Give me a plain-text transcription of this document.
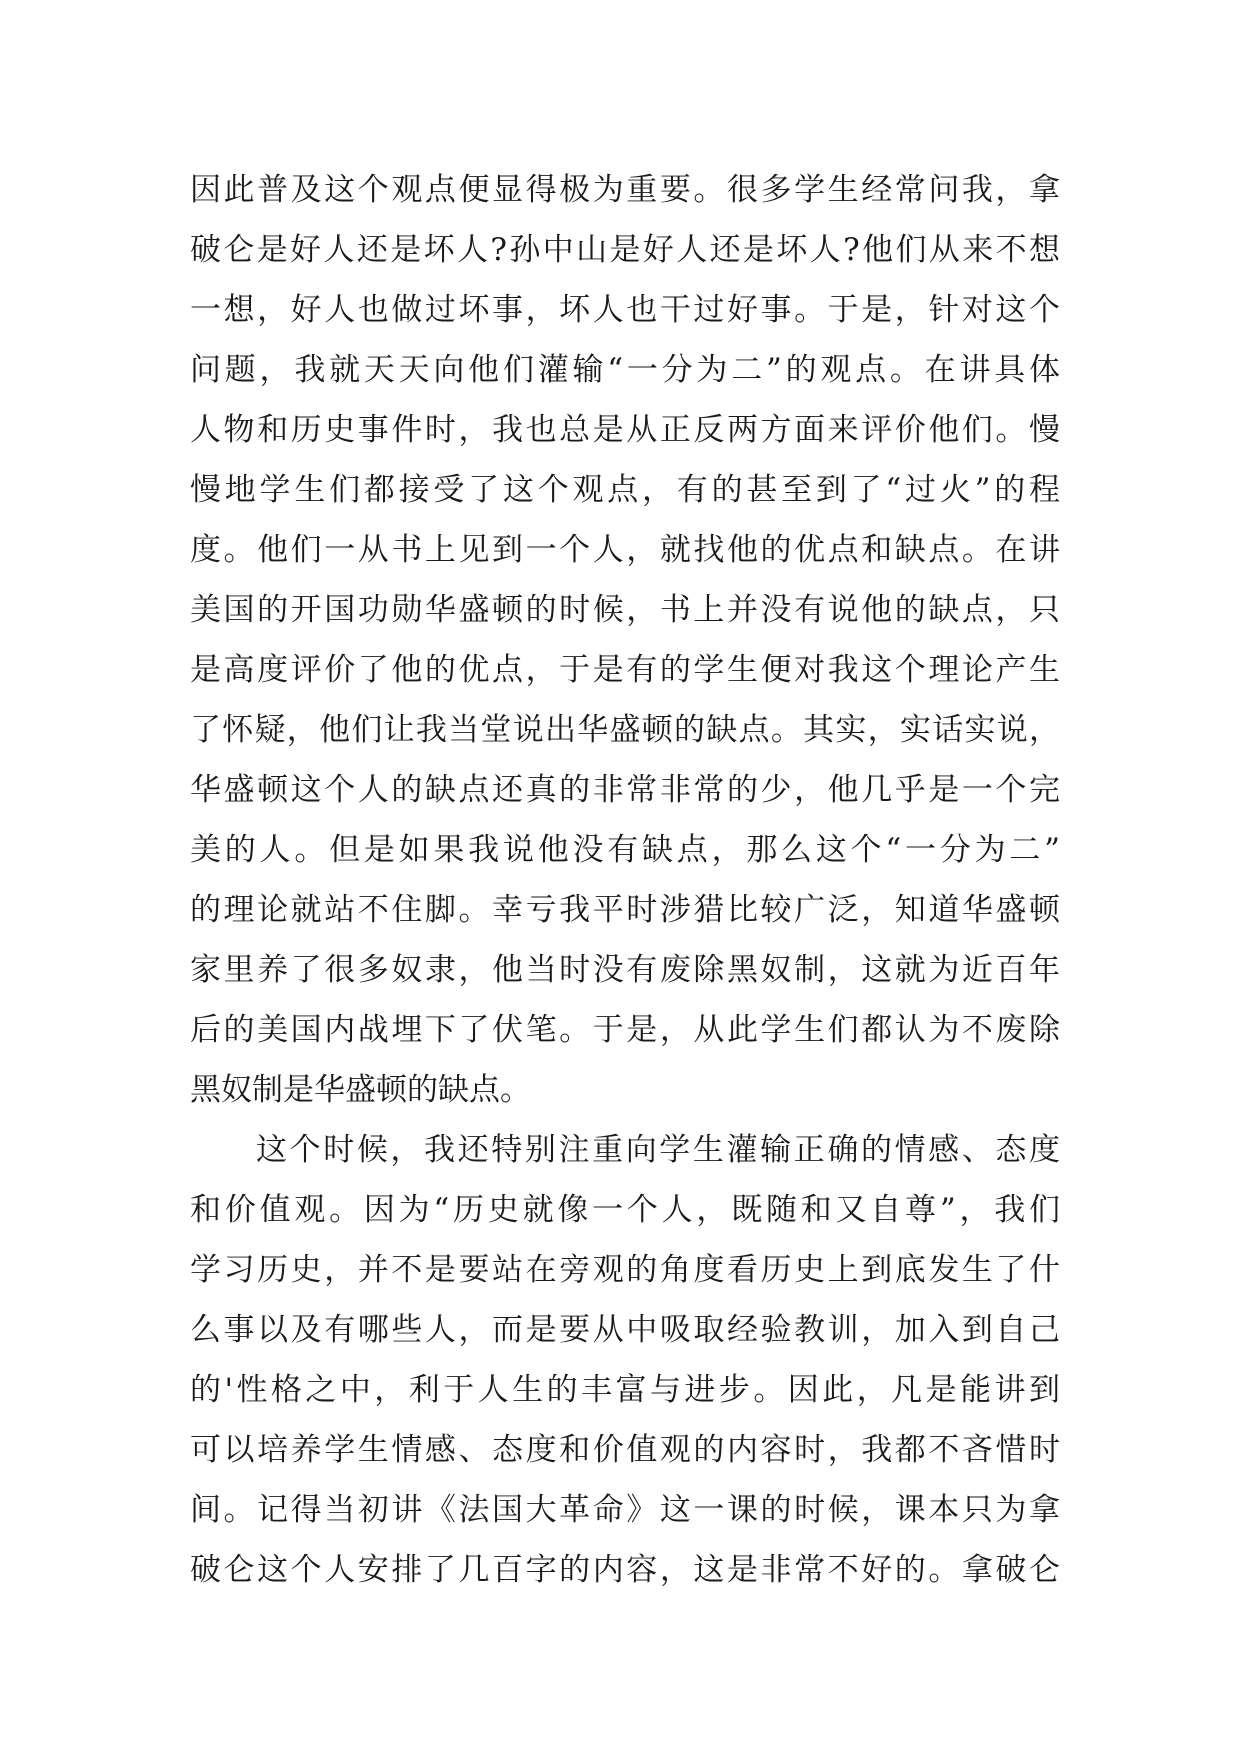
因此普及这个观点便显得极为重要。很多学生经常问我，拿
破仑是好人还是坏人?孙中山是好人还是坏人?他们从来不想
一想，好人也做过坏事，坏人也干过好事。于是，针对这个
问题，我就天天向他们灌输“一分为二”的观点。在讲具体
人物和历史事件时，我也总是从正反两方面来评价他们。慢
慢地学生们都接受了这个观点，有的甚至到了“过火”的程
度。他们一从书上见到一个人，就找他的优点和缺点。在讲
美国的开国功勋华盛顿的时候，书上并没有说他的缺点，只
是高度评价了他的优点，于是有的学生便对我这个理论产生
了怀疑，他们让我当堂说出华盛顿的缺点。其实，实话实说，
华盛顿这个人的缺点还真的非常非常的少，他几乎是一个完
美的人。但是如果我说他没有缺点，那么这个“一分为二”
的理论就站不住脚。幸亏我平时涉猎比较广泛，知道华盛顿
家里养了很多奴隶，他当时没有废除黑奴制，这就为近百年
后的美国内战埋下了伏笔。于是，从此学生们都认为不废除
黑奴制是华盛顿的缺点。
这个时候，我还特别注重向学生灌输正确的情感、态度
和价值观。因为“历史就像一个人，既随和又自尊”，我们
学习历史，并不是要站在旁观的角度看历史上到底发生了什
么事以及有哪些人，而是要从中吸取经验教训，加入到自己
的'性格之中，利于人生的丰富与进步。因此，凡是能讲到
可以培养学生情感、态度和价值观的内容时，我都不吝惜时
间。记得当初讲《法国大革命》这一课的时候，课本只为拿
破仑这个人安排了几百字的内容，这是非常不好的。拿破仑
